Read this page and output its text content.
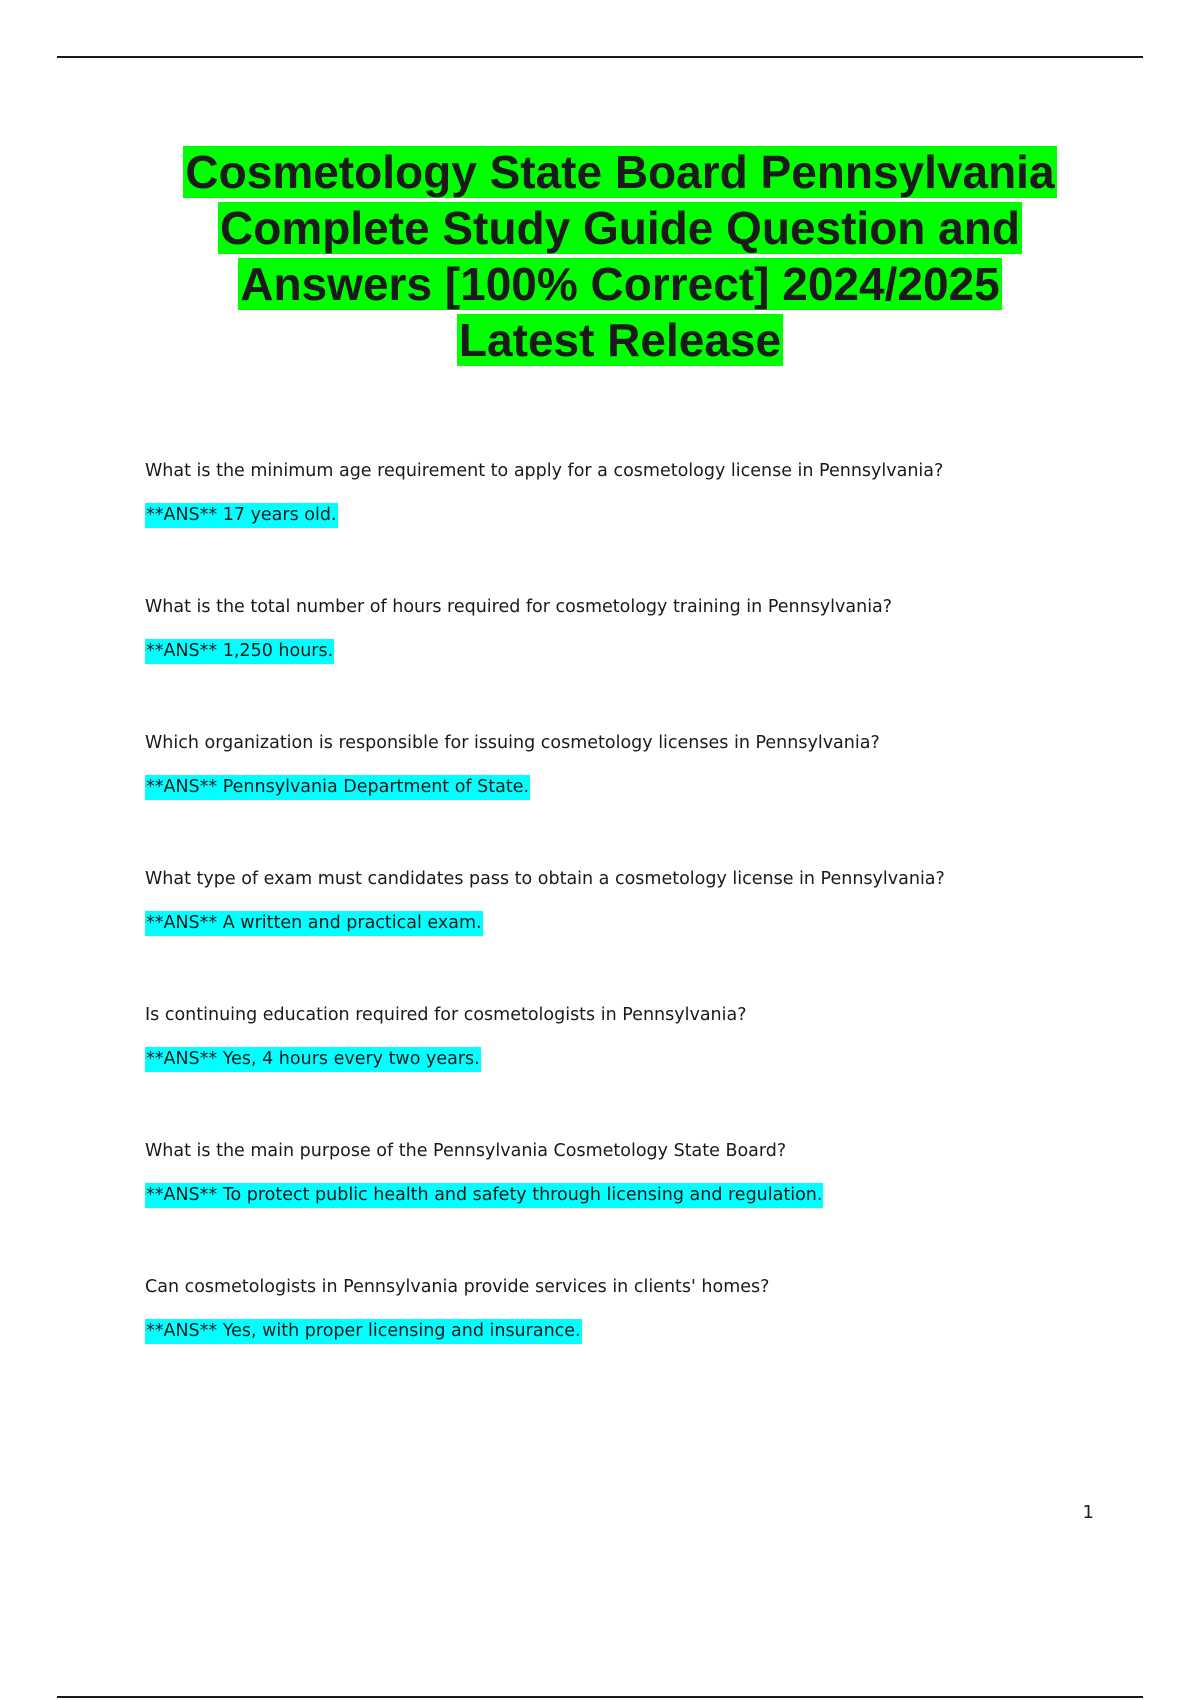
Cosmetology State Board Pennsylvania
Complete Study Guide Question and
Answers [100% Correct] 2024/2025
Latest Release

What is the minimum age requirement to apply for a cosmetology license in Pennsylvania?

**ANS** 17 years old.

What is the total number of hours required for cosmetology training in Pennsylvania?

**ANS** 1,250 hours.

Which organization is responsible for issuing cosmetology licenses in Pennsylvania?

**ANS** Pennsylvania Department of State.

What type of exam must candidates pass to obtain a cosmetology license in Pennsylvania?

**ANS** A written and practical exam.

Is continuing education required for cosmetologists in Pennsylvania?

**ANS** Yes, 4 hours every two years.

What is the main purpose of the Pennsylvania Cosmetology State Board?

**ANS** To protect public health and safety through licensing and regulation.

Can cosmetologists in Pennsylvania provide services in clients' homes?

**ANS** Yes, with proper licensing and insurance.

1
